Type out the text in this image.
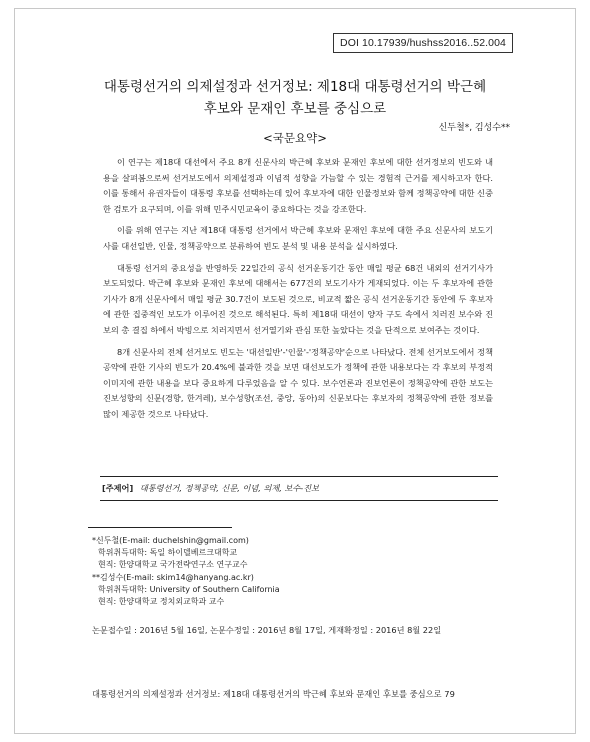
DOI 10.17939/hushss2016..52.004
대통령선거의 의제설정과 선거정보: 제18대 대통령선거의 박근혜
후보와 문재인 후보를 중심으로
신두철*, 김성수**
<국문요약>

이 연구는 제18대 대선에서 주요 8개 신문사의 박근혜 후보와 문재인 후보에 대한 선거정보의 빈도와 내용을 살펴봄으로써 선거보도에서 의제설정과 이념적 성향을 가늠할 수 있는 경험적 근거를 제시하고자 한다. 이를 통해서 유권자들이 대통령 후보를 선택하는데 있어 후보자에 대한 인물정보와 함께 정책공약에 대한 신중한 검토가 요구되며, 이를 위해 민주시민교육이 중요하다는 것을 강조한다.

이를 위해 연구는 지난 제18대 대통령 선거에서 박근혜 후보와 문재인 후보에 대한 주요 신문사의 보도기사를 대선일반, 인물, 정책공약으로 분류하여 빈도 분석 및 내용 분석을 실시하였다.

대통령 선거의 중요성을 반영하듯 22일간의 공식 선거운동기간 동안 매일 평균 68건 내외의 선거기사가 보도되었다. 박근혜 후보와 문재인 후보에 대해서는 677건의 보도기사가 게재되었다. 이는 두 후보자에 관한 기사가 8개 신문사에서 매일 평균 30.7건이 보도된 것으로, 비교적 짧은 공식 선거운동기간 동안에 두 후보자에 관한 집중적인 보도가 이루어진 것으로 해석된다. 특히 제18대 대선이 양자 구도 속에서 치러진 보수와 진보의 총 결집 하에서 박빙으로 치러지면서 선거열기와 관심 또한 높았다는 것을 단적으로 보여주는 것이다.

8개 신문사의 전체 선거보도 빈도는 '대선일반'-'인물'-'정책공약'순으로 나타났다. 전체 선거보도에서 정책공약에 관한 기사의 빈도가 20.4%에 불과한 것을 보면 대선보도가 정책에 관한 내용보다는 각 후보의 부정적 이미지에 관한 내용을 보다 중요하게 다루었음을 알 수 있다. 보수언론과 진보언론이 정책공약에 관한 보도는 진보성향의 신문(경향, 한겨레), 보수성향(조선, 중앙, 동아)의 신문보다는 후보자의 정책공약에 관한 정보를 많이 제공한 것으로 나타났다.

[주제어] 대통령선거, 정책공약, 신문, 이념, 의제, 보수-진보
*신두철(E-mail: duchelshin@gmail.com)
학위취득대학: 독일 하이델베르크대학교
현직: 한양대학교 국가전략연구소 연구교수
**김성수(E-mail: skim14@hanyang.ac.kr)
학위취득대학: University of Southern California
현직: 한양대학교 정치외교학과 교수
논문접수일 : 2016년 5월 16일, 논문수정일 : 2016년 8월 17일, 게재확정일 : 2016년 8월 22일
대통령선거의 의제설정과 선거정보: 제18대 대통령선거의 박근혜 후보와 문재인 후보를 중심으로 79
